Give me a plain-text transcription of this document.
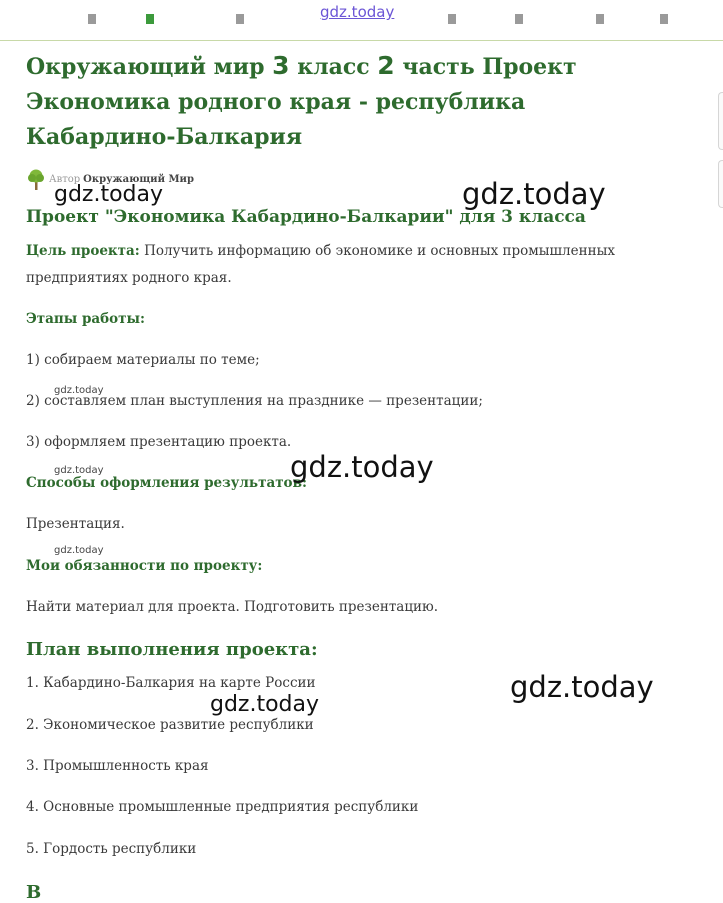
gdz.today
Окружающий мир 3 класс 2 часть Проект Экономика родного края - республика Кабардино-Балкария
Автор Окружающий Мир
Проект "Экономика Кабардино-Балкарии" для 3 класса

Цель проекта: Получить информацию об экономике и основных промышленных

предприятиях родного края.

Этапы работы:

1) собираем материалы по теме;

2) составляем план выступления на празднике — презентации;

3) оформляем презентацию проекта.

Способы оформления результатов:

Презентация.

Мои обязанности по проекту:

Найти материал для проекта. Подготовить презентацию.

План выполнения проекта:

1. Кабардино-Балкария на карте России

2. Экономическое развитие республики

3. Промышленность края

4. Основные промышленные предприятия республики

5. Гордость республики

В
gdz.today	gdz.today
gdz.today
gdz.today
gdz.today
gdz.today
gdz.today
gdz.today
